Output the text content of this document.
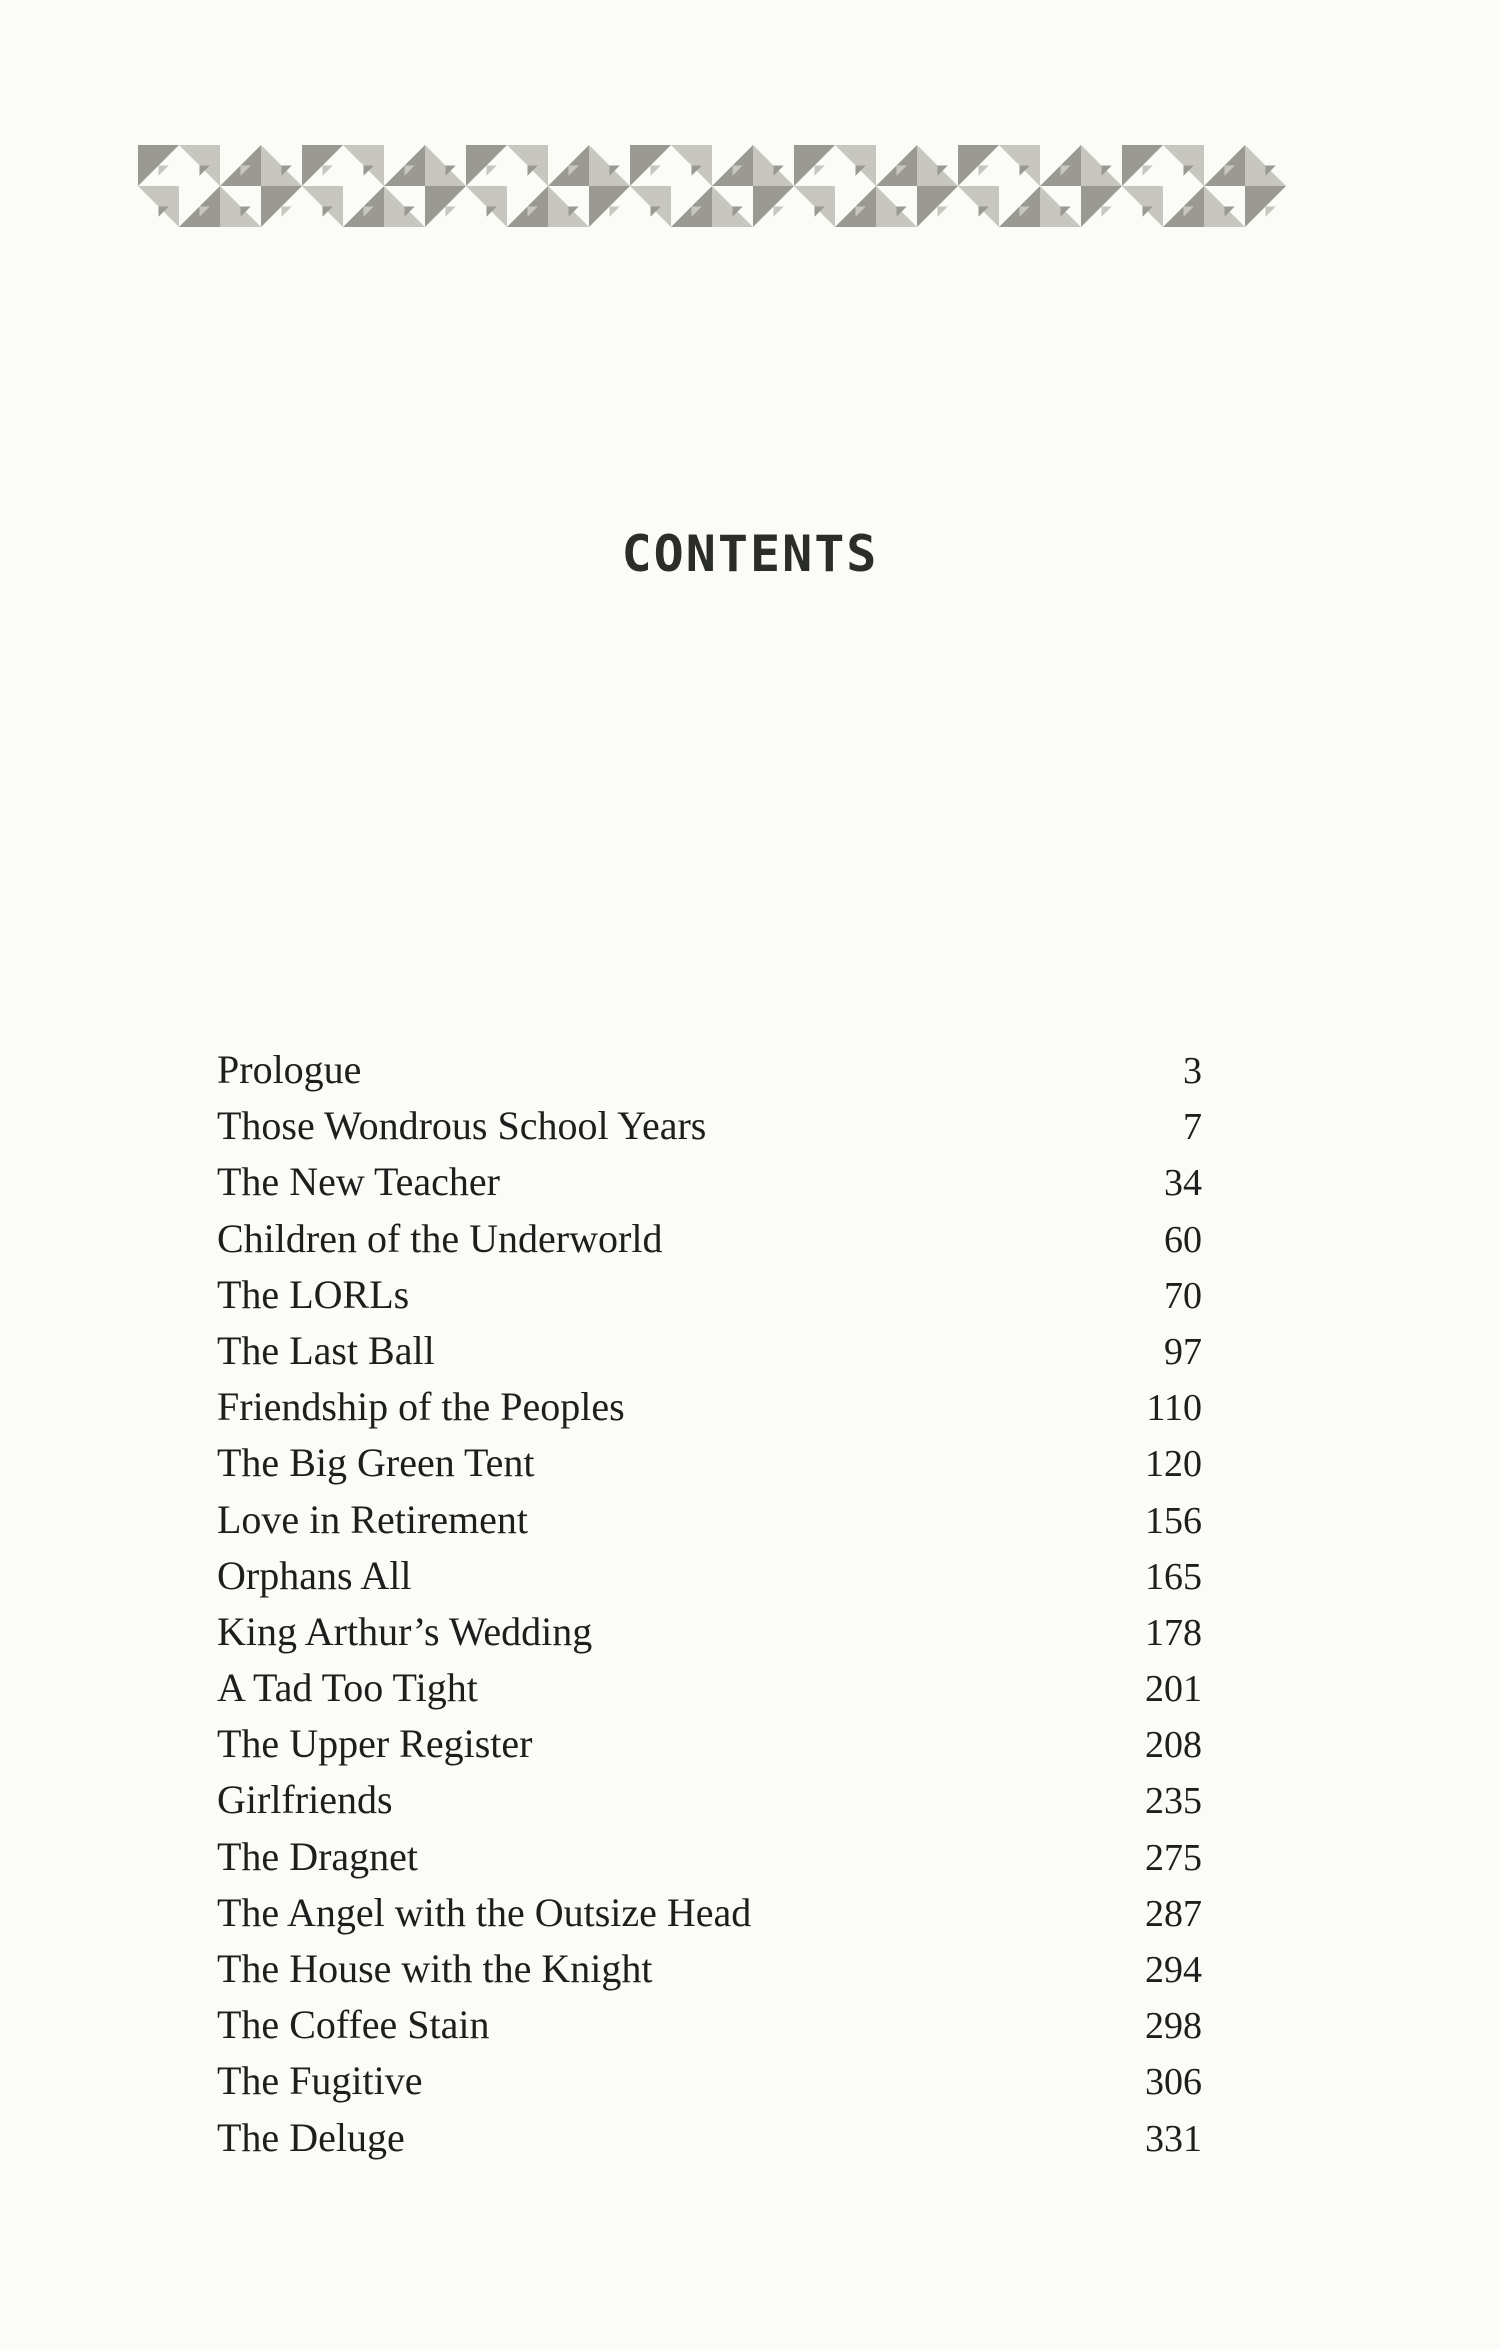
CONTENTS
Prologue	3
Those Wondrous School Years	7
The New Teacher	34
Children of the Underworld	60
The LORLs	70
The Last Ball	97
Friendship of the Peoples	110
The Big Green Tent	120
Love in Retirement	156
Orphans All	165
King Arthur’s Wedding	178
A Tad Too Tight	201
The Upper Register	208
Girlfriends	235
The Dragnet	275
The Angel with the Outsize Head	287
The House with the Knight	294
The Coffee Stain	298
The Fugitive	306
The Deluge	331
